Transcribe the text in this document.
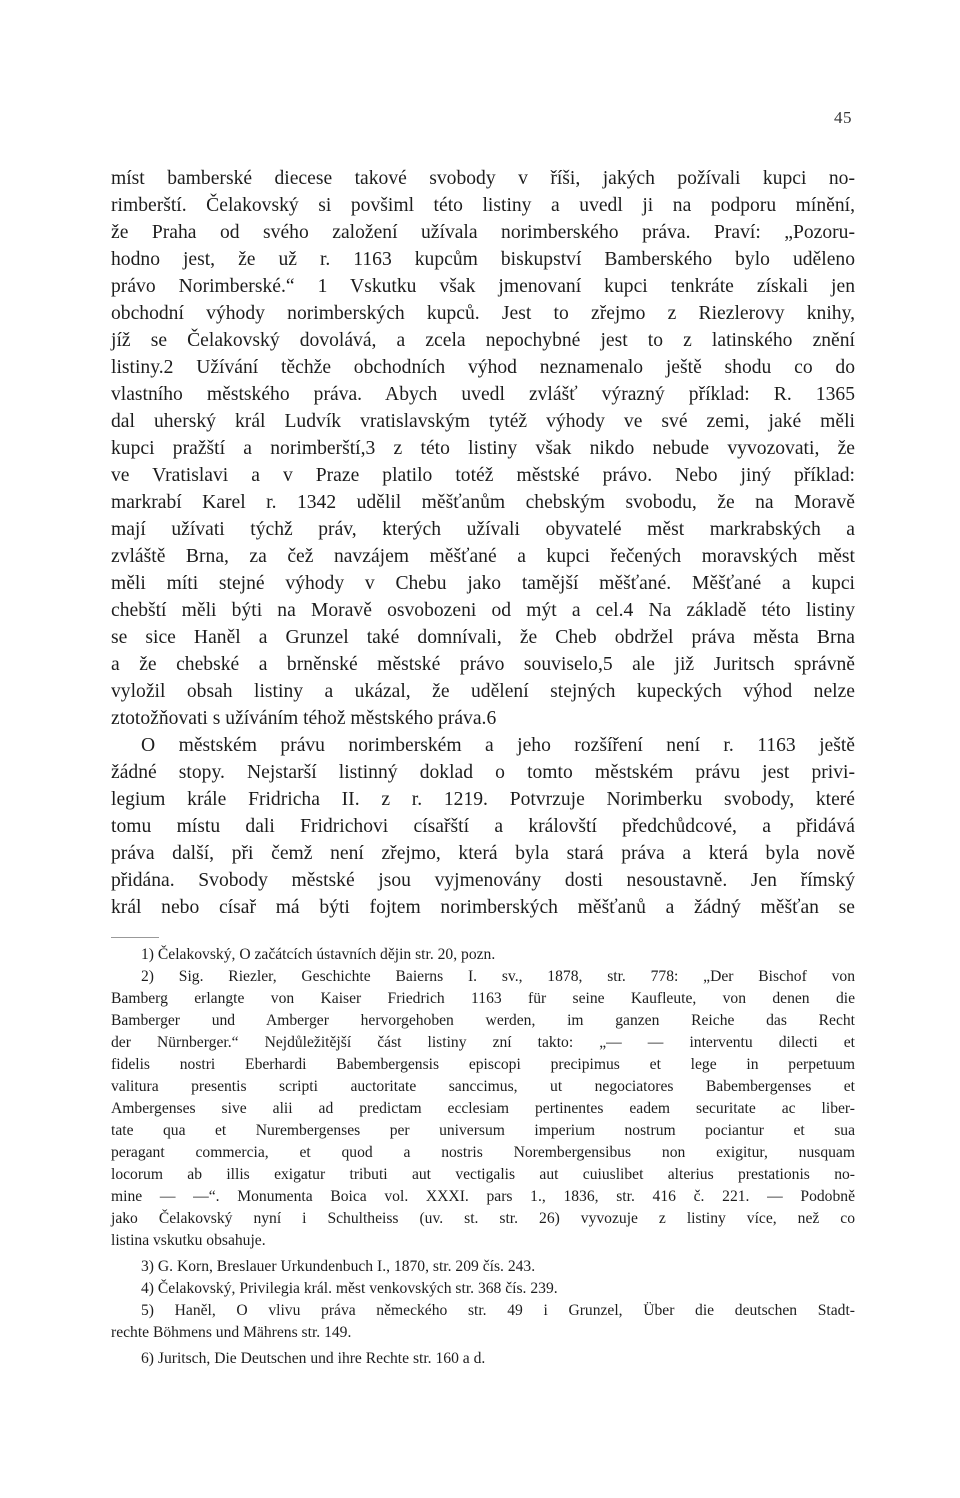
45
míst bamberské diecese takové svobody v říši, jakých požívali kupci no-
rimberští. Čelakovský si povšiml této listiny a uvedl ji na podporu mínění,
že Praha od svého založení užívala norimberského práva. Praví: „Pozoru-
hodno jest, že už r. 1163 kupcům biskupství Bamberského bylo uděleno
právo Norimberské.“ 1 Vskutku však jmenovaní kupci tenkráte získali jen
obchodní výhody norimberských kupců. Jest to zřejmo z Riezlerovy knihy,
jíž se Čelakovský dovolává, a zcela nepochybné jest to z latinského znění
listiny.2 Užívání těchže obchodních výhod neznamenalo ještě shodu co do
vlastního městského práva. Abych uvedl zvlášť výrazný příklad: R. 1365
dal uherský král Ludvík vratislavským tytéž výhody ve své zemi, jaké měli
kupci pražští a norimberští,3 z této listiny však nikdo nebude vyvozovati, že
ve Vratislavi a v Praze platilo totéž městské právo. Nebo jiný příklad:
markrabí Karel r. 1342 udělil měšťanům chebským svobodu, že na Moravě
mají užívati týchž práv, kterých užívali obyvatelé měst markrabských a
zvláště Brna, za čež navzájem měšťané a kupci řečených moravských měst
měli míti stejné výhody v Chebu jako tamější měšťané. Měšťané a kupci
chebští měli býti na Moravě osvobozeni od mýt a cel.4 Na základě této listiny
se sice Haněl a Grunzel také domnívali, že Cheb obdržel práva města Brna
a že chebské a brněnské městské právo souviselo,5 ale již Juritsch správně
vyložil obsah listiny a ukázal, že udělení stejných kupeckých výhod nelze
ztotožňovati s užíváním téhož městského práva.6
O městském právu norimberském a jeho rozšíření není r. 1163 ještě
žádné stopy. Nejstarší listinný doklad o tomto městském právu jest privi-
legium krále Fridricha II. z r. 1219. Potvrzuje Norimberku svobody, které
tomu místu dali Fridrichovi císařští a královští předchůdcové, a přidává
práva další, při čemž není zřejmo, která byla stará práva a která byla nově
přidána. Svobody městské jsou vyjmenovány dosti nesoustavně. Jen římský
král nebo císař má býti fojtem norimberských měšťanů a žádný měšťan se
1) Čelakovský, O začátcích ústavních dějin str. 20, pozn.
2) Sig. Riezler, Geschichte Baierns I. sv., 1878, str. 778: „Der Bischof von
Bamberg erlangte von Kaiser Friedrich 1163 für seine Kaufleute, von denen die
Bamberger und Amberger hervorgehoben werden, im ganzen Reiche das Recht
der Nürnberger.“ Nejdůležitější část listiny zní takto: „— — interventu dilecti et
fidelis nostri Eberhardi Babembergensis episcopi precipimus et lege in perpetuum
valitura presentis scripti auctoritate sanccimus, ut negociatores Babembergenses et
Ambergenses sive alii ad predictam ecclesiam pertinentes eadem securitate ac liber-
tate qua et Nurembergenses per universum imperium nostrum pociantur et sua
peragant commercia, et quod a nostris Norembergensibus non exigitur, nusquam
locorum ab illis exigatur tributi aut vectigalis aut cuiuslibet alterius prestationis no-
mine — —“. Monumenta Boica vol. XXXI. pars 1., 1836, str. 416 č. 221. — Podobně
jako Čelakovský nyní i Schultheiss (uv. st. str. 26) vyvozuje z listiny více, než co
listina vskutku obsahuje.
3) G. Korn, Breslauer Urkundenbuch I., 1870, str. 209 čís. 243.
4) Čelakovský, Privilegia král. měst venkovských str. 368 čís. 239.
5) Haněl, O vlivu práva německého str. 49 i Grunzel, Über die deutschen Stadt-
rechte Böhmens und Mährens str. 149.
6) Juritsch, Die Deutschen und ihre Rechte str. 160 a d.
